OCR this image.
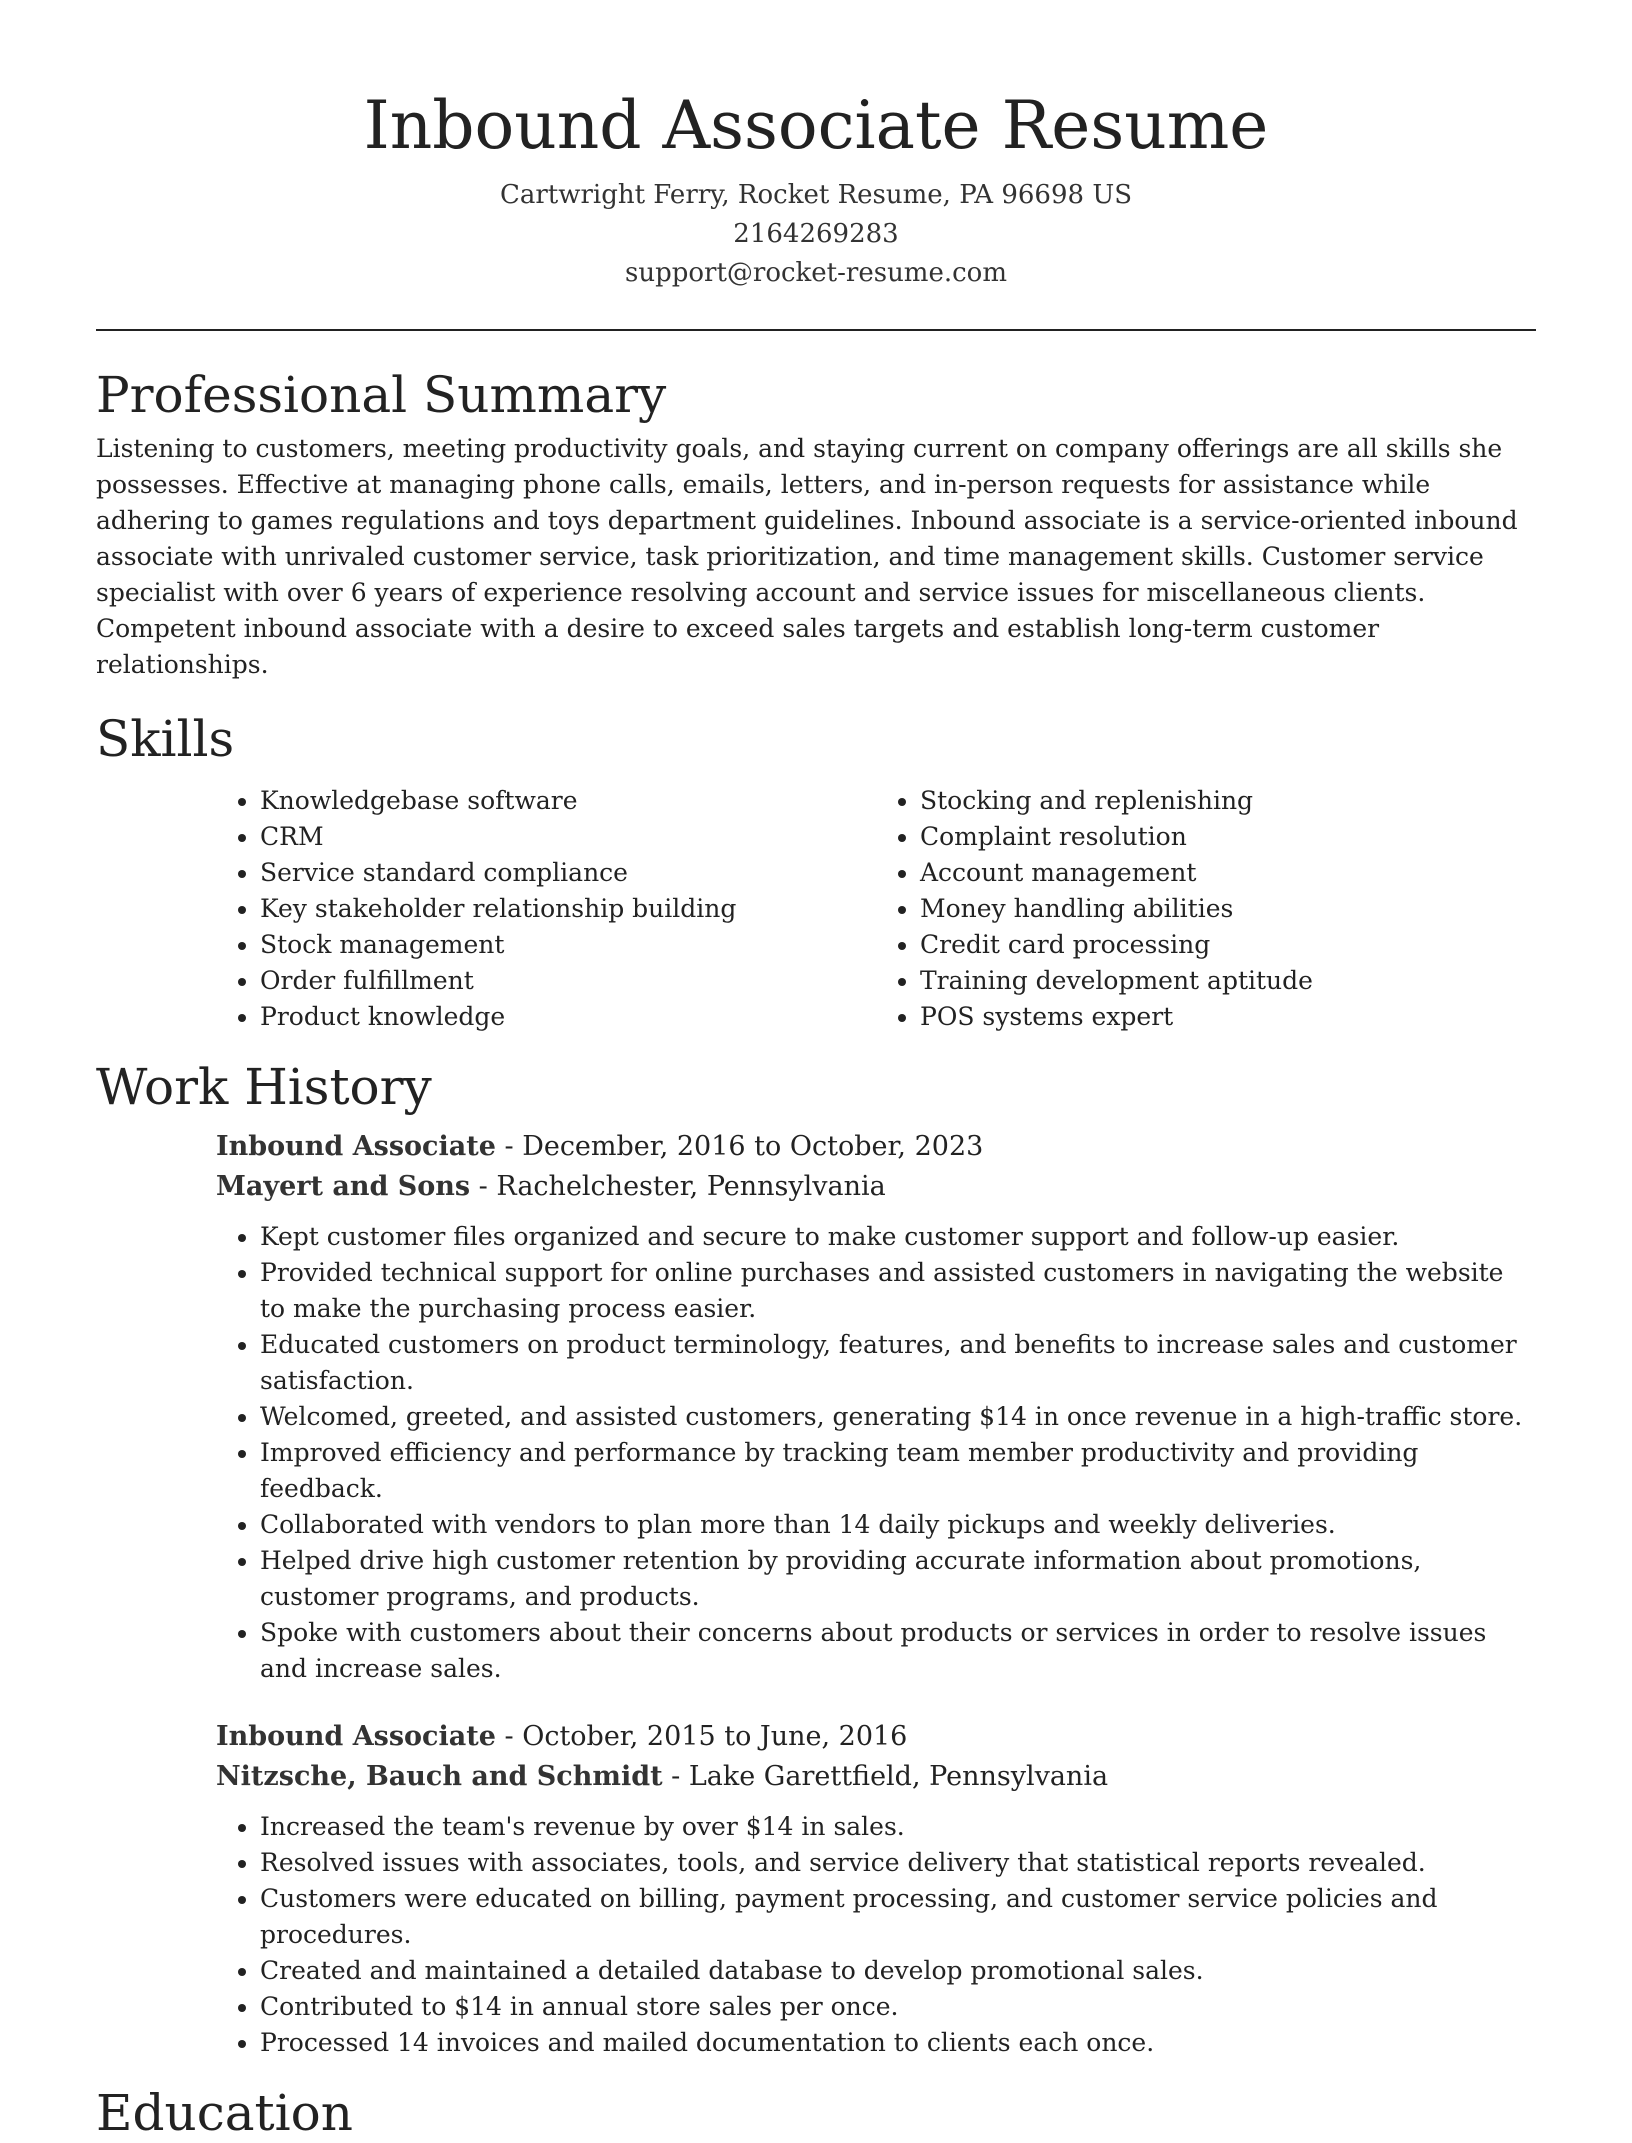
Inbound Associate Resume
Cartwright Ferry, Rocket Resume, PA 96698 US
2164269283
support@rocket-resume.com
Professional Summary

Listening to customers, meeting productivity goals, and staying current on company offerings are all skills she possesses. Effective at managing phone calls, emails, letters, and in-person requests for assistance while adhering to games regulations and toys department guidelines. Inbound associate is a service-oriented inbound associate with unrivaled customer service, task prioritization, and time management skills. Customer service specialist with over 6 years of experience resolving account and service issues for miscellaneous clients. Competent inbound associate with a desire to exceed sales targets and establish long-term customer relationships.

Skills
• Knowledgebase software
• CRM
• Service standard compliance
• Key stakeholder relationship building
• Stock management
• Order fulfillment
• Product knowledge
• Stocking and replenishing
• Complaint resolution
• Account management
• Money handling abilities
• Credit card processing
• Training development aptitude
• POS systems expert
Work History
Inbound Associate - December, 2016 to October, 2023
Mayert and Sons - Rachelchester, Pennsylvania
• Kept customer files organized and secure to make customer support and follow-up easier.
• Provided technical support for online purchases and assisted customers in navigating the website to make the purchasing process easier.
• Educated customers on product terminology, features, and benefits to increase sales and customer satisfaction.
• Welcomed, greeted, and assisted customers, generating $14 in once revenue in a high-traffic store.
• Improved efficiency and performance by tracking team member productivity and providing feedback.
• Collaborated with vendors to plan more than 14 daily pickups and weekly deliveries.
• Helped drive high customer retention by providing accurate information about promotions, customer programs, and products.
• Spoke with customers about their concerns about products or services in order to resolve issues and increase sales.
Inbound Associate - October, 2015 to June, 2016
Nitzsche, Bauch and Schmidt - Lake Garettfield, Pennsylvania
• Increased the team's revenue by over $14 in sales.
• Resolved issues with associates, tools, and service delivery that statistical reports revealed.
• Customers were educated on billing, payment processing, and customer service policies and procedures.
• Created and maintained a detailed database to develop promotional sales.
• Contributed to $14 in annual store sales per once.
• Processed 14 invoices and mailed documentation to clients each once.
Education
